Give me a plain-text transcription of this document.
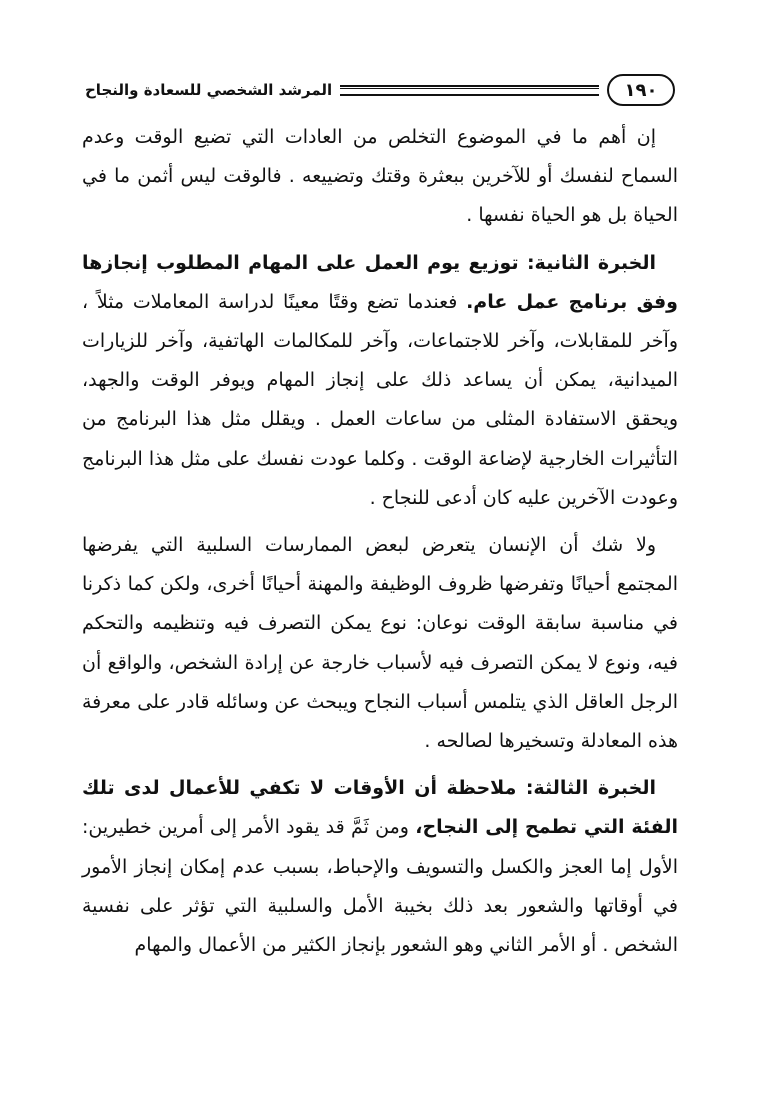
١٩٠
المرشد الشخصي للسعادة والنجاح

إن أهم ما في الموضوع التخلص من العادات التي تضيع الوقت وعدم السماح لنفسك أو للآخرين ببعثرة وقتك وتضييعه . فالوقت ليس أثمن ما في الحياة بل هو الحياة نفسها .

الخبرة الثانية: توزيع يوم العمل على المهام المطلوب إنجازها وفق برنامج عمل عام. فعندما تضع وقتًا معينًا لدراسة المعاملات مثلاً ، وآخر للمقابلات، وآخر للاجتماعات، وآخر للمكالمات الهاتفية، وآخر للزيارات الميدانية، يمكن أن يساعد ذلك على إنجاز المهام ويوفر الوقت والجهد، ويحقق الاستفادة المثلى من ساعات العمل . ويقلل مثل هذا البرنامج من التأثيرات الخارجية لإضاعة الوقت . وكلما عودت نفسك على مثل هذا البرنامج وعودت الآخرين عليه كان أدعى للنجاح .

ولا شك أن الإنسان يتعرض لبعض الممارسات السلبية التي يفرضها المجتمع أحيانًا وتفرضها ظروف الوظيفة والمهنة أحيانًا أخرى، ولكن كما ذكرنا في مناسبة سابقة الوقت نوعان: نوع يمكن التصرف فيه وتنظيمه والتحكم فيه، ونوع لا يمكن التصرف فيه لأسباب خارجة عن إرادة الشخص، والواقع أن الرجل العاقل الذي يتلمس أسباب النجاح ويبحث عن وسائله قادر على معرفة هذه المعادلة وتسخيرها لصالحه .

الخبرة الثالثة: ملاحظة أن الأوقات لا تكفي للأعمال لدى تلك الفئة التي تطمح إلى النجاح، ومن ثَمَّ قد يقود الأمر إلى أمرين خطيرين: الأول إما العجز والكسل والتسويف والإحباط، بسبب عدم إمكان إنجاز الأمور في أوقاتها والشعور بعد ذلك بخيبة الأمل والسلبية التي تؤثر على نفسية الشخص . أو الأمر الثاني وهو الشعور بإنجاز الكثير من الأعمال والمهام
